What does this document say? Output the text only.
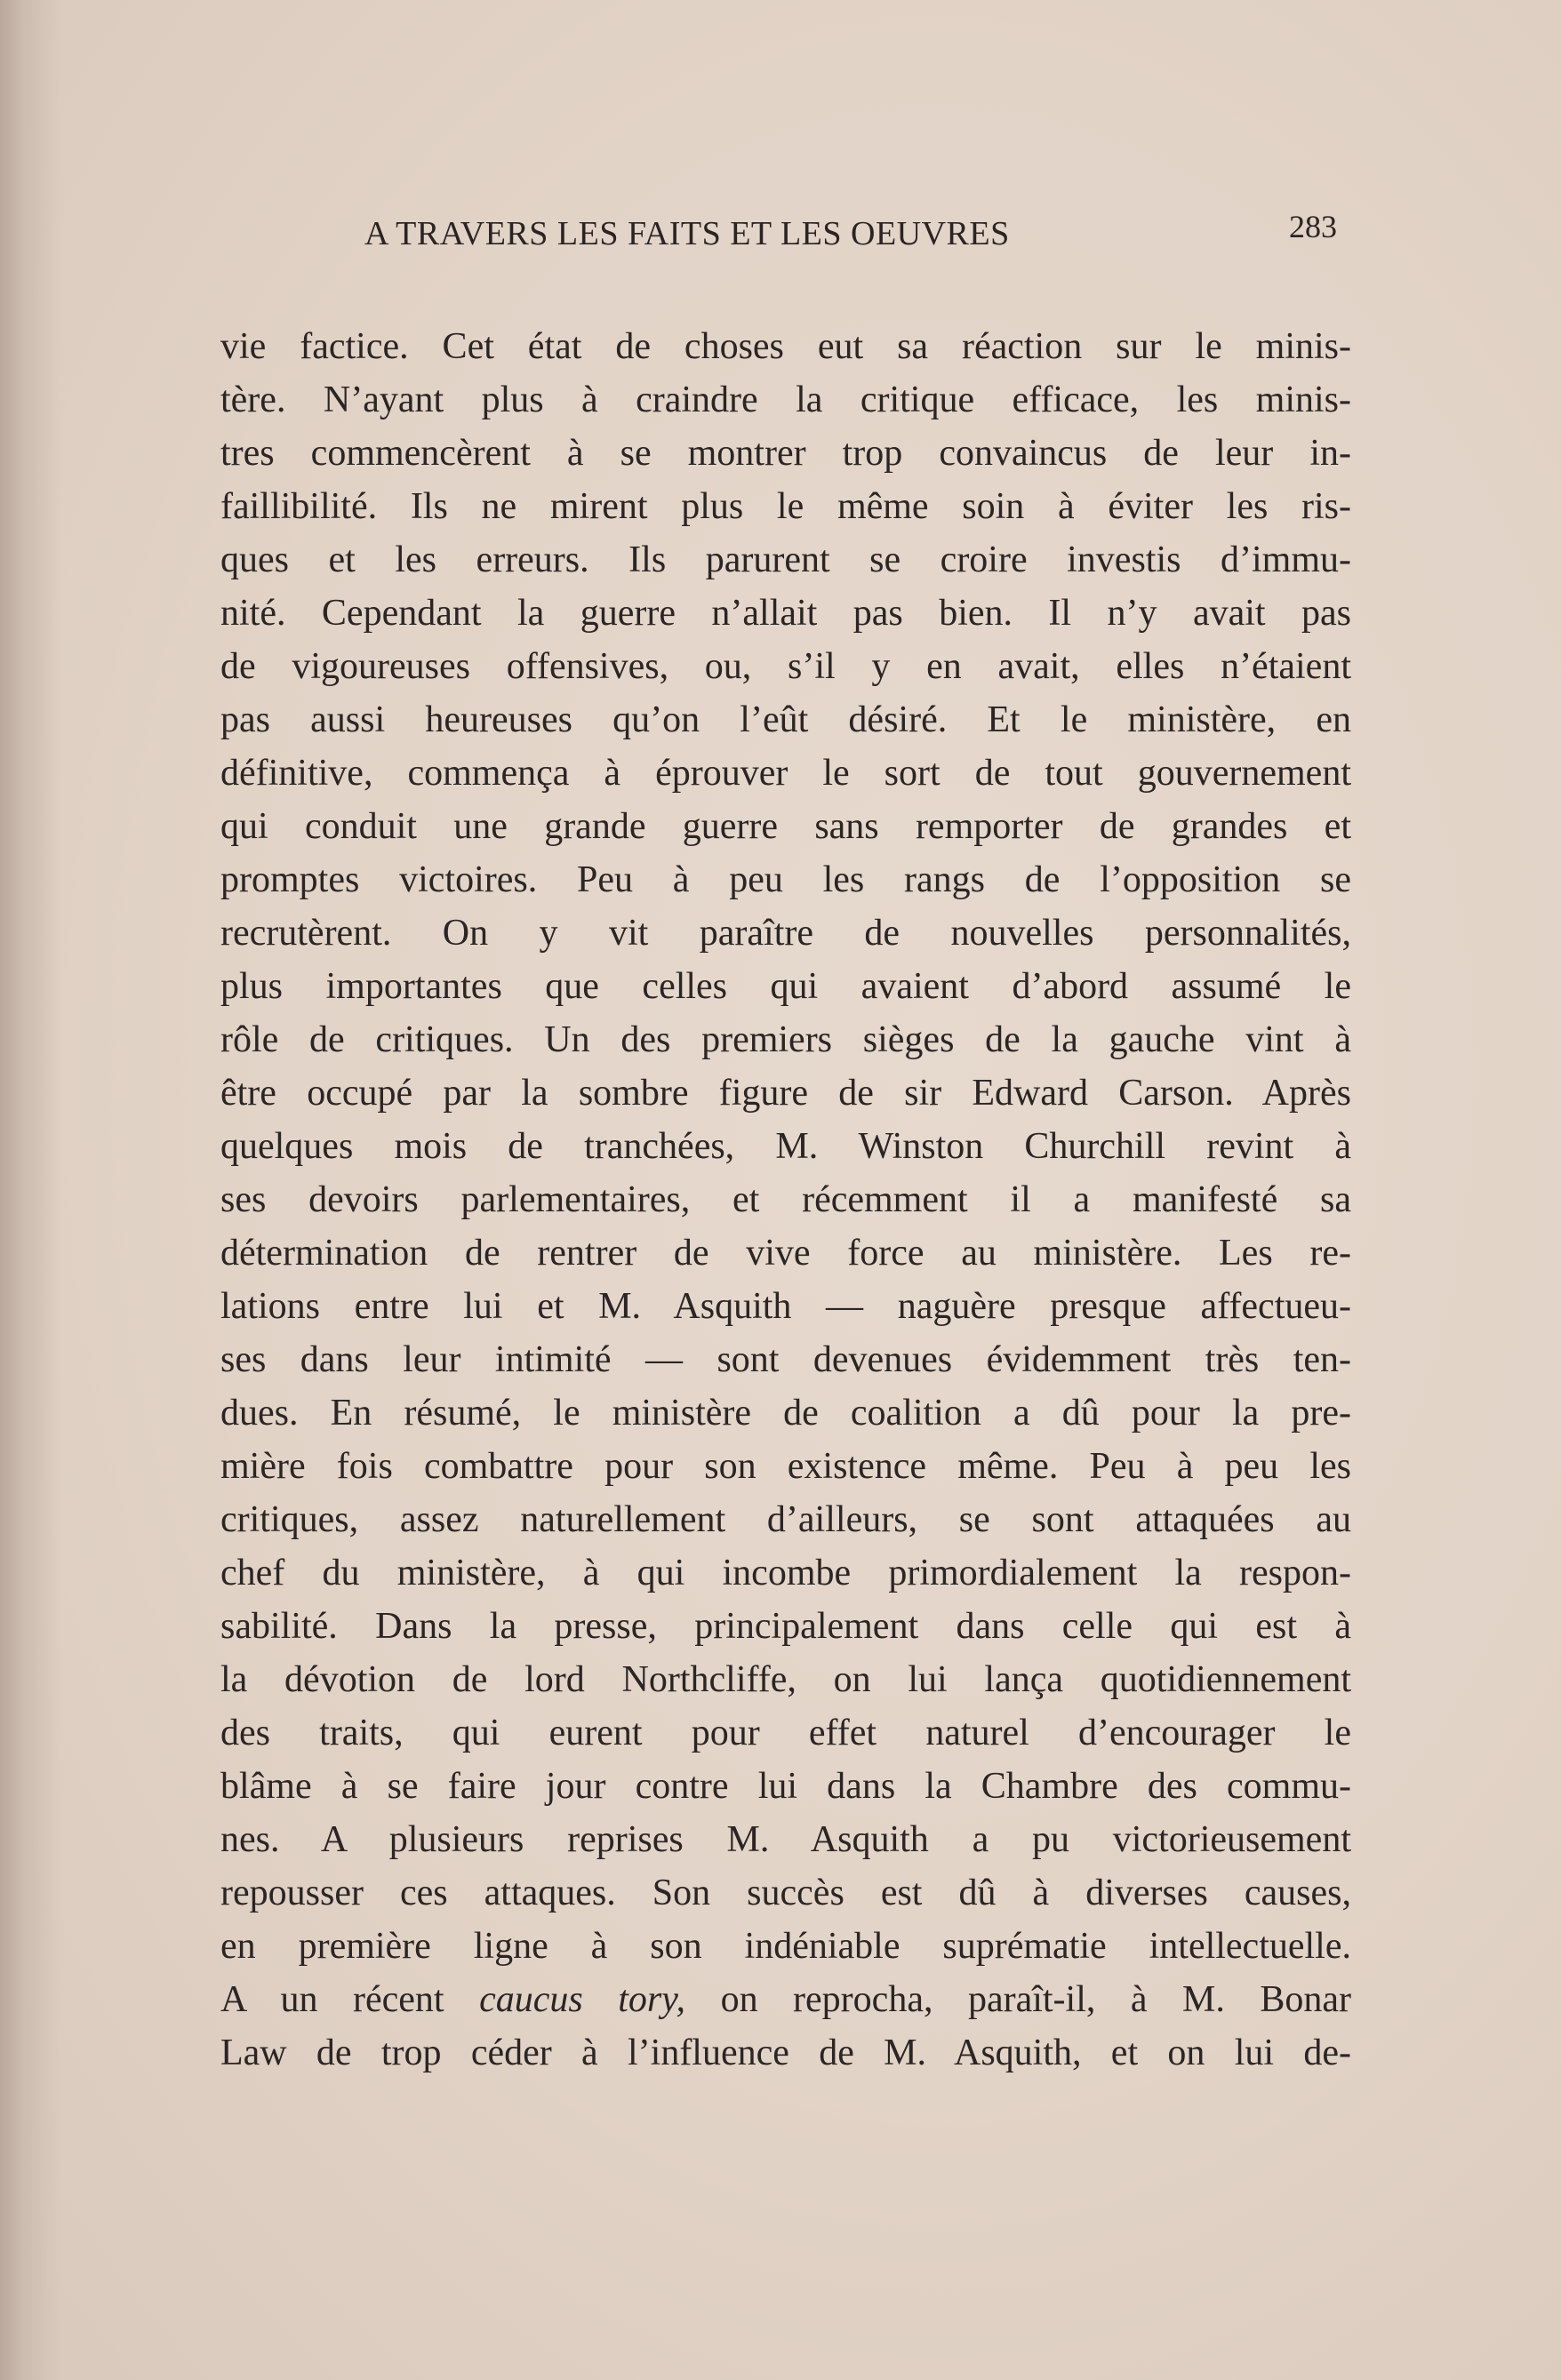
A TRAVERS LES FAITS ET LES OEUVRES	283
vie factice. Cet état de choses eut sa réaction sur le minis-
tère. N’ayant plus à craindre la critique efficace, les minis-
tres commencèrent à se montrer trop convaincus de leur in-
faillibilité. Ils ne mirent plus le même soin à éviter les ris-
ques et les erreurs. Ils parurent se croire investis d’immu-
nité. Cependant la guerre n’allait pas bien. Il n’y avait pas
de vigoureuses offensives, ou, s’il y en avait, elles n’étaient
pas aussi heureuses qu’on l’eût désiré. Et le ministère, en
définitive, commença à éprouver le sort de tout gouvernement
qui conduit une grande guerre sans remporter de grandes et
promptes victoires. Peu à peu les rangs de l’opposition se
recrutèrent. On y vit paraître de nouvelles personnalités,
plus importantes que celles qui avaient d’abord assumé le
rôle de critiques. Un des premiers sièges de la gauche vint à
être occupé par la sombre figure de sir Edward Carson. Après
quelques mois de tranchées, M. Winston Churchill revint à
ses devoirs parlementaires, et récemment il a manifesté sa
détermination de rentrer de vive force au ministère. Les re-
lations entre lui et M. Asquith — naguère presque affectueu-
ses dans leur intimité — sont devenues évidemment très ten-
dues. En résumé, le ministère de coalition a dû pour la pre-
mière fois combattre pour son existence même. Peu à peu les
critiques, assez naturellement d’ailleurs, se sont attaquées au
chef du ministère, à qui incombe primordialement la respon-
sabilité. Dans la presse, principalement dans celle qui est à
la dévotion de lord Northcliffe, on lui lança quotidiennement
des traits, qui eurent pour effet naturel d’encourager le
blâme à se faire jour contre lui dans la Chambre des commu-
nes. A plusieurs reprises M. Asquith a pu victorieusement
repousser ces attaques. Son succès est dû à diverses causes,
en première ligne à son indéniable suprématie intellectuelle.
A un récent caucus tory, on reprocha, paraît-il, à M. Bonar
Law de trop céder à l’influence de M. Asquith, et on lui de-
